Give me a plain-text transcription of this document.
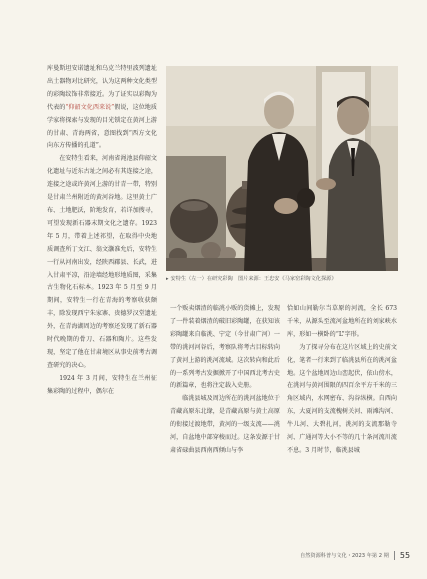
库曼斯坦安诺遗址和乌克兰特里波列遗址出土器物对比研究，认为这两种文化类型的彩陶纹饰非常接近。为了证实以彩陶为代表的“仰韶文化西来说”假说，这位地质学家将探索与发现的目光锁定在黄河上游的甘肃、青海两省，意图找到“西方文化向东方传播的孔道”。

在安特生看来，河南省渑池县仰韶文化遗址与近东古址之间必有其连接之途，连接之途或许黄河上游的甘青一带，特别是甘肃兰州附近的黄河谷地。这里黄土广布、土地肥沃，阶地发育，若详加搜寻，可望发现新石器末期文化之遗存。1923 年 5 月，带着上述祁望，在取得中央地质调查所丁文江、翁文灏准允后，安特生一行从河南出发，经陕西郿县、长武，进入甘肃平凉，沿途墙经地形地质图，采集古生物化石标本。1923 年 5 月至 9 月期间，安特生一行在青海的考察收获颇丰，除发现西宁朱家寨、贵德罗汉堂遗址外，在青海湖周边的考察还发现了新石器时代晚期的骨刀、石器和陶片。这些发现，坚定了他在甘肃境区从事史前考古调查研究的决心。

1924 年 3 月间，安特生在兰州征集彩陶的过程中，偶尔在

▸ 安特生（左一）在研究彩陶  图片来源：王忠安《马家窑彩陶文化探源》

一个贩卖烟渣的临洮小贩的货摊上，发现了一件装着烟渣的破旧彩陶罐，在获知该彩陶罐来自临洮、宁定（今甘肃广河）一带的洮河河谷后，考察队将考古目标转向了黄河上游的洮河流域。这次转向和此后的一系列考古发掘掀开了中国西北考古史的新篇章，也将注定载入史册。

临洮县城及周边所在的洮河盆地位于青藏高原东北缘，是青藏高原与黄土高原的衔接过渡地带，黄河的一级支流——洮河，自盆地中部穿梭而过。这条发源于甘肃省碌曲县西南西倾山与李

恰如山间勒尔当草原的河流，全长 673 千米，从源头至流河盆地所在的刘家峡水库，形如一横卧的“L”字形。

为了探寻分布在这片区域上的史前文化，笔者一行来到了临洮县所在的洮河盆地。这个盆地周边山峦起伏，依山傍水，在洮河与黄河围限的四百余平方千米的三角区域内，水网密布、沟谷纵横。自西向东，大夏河的支流槐树关河、雨滩沟河、牛儿河、大碧扎河，洮河的支流那勒寺河、广通河等大小不等的几十条河流川流不息。3 月时节，临洮县城

自然资源科普与文化・2023 年第 2 期 55
